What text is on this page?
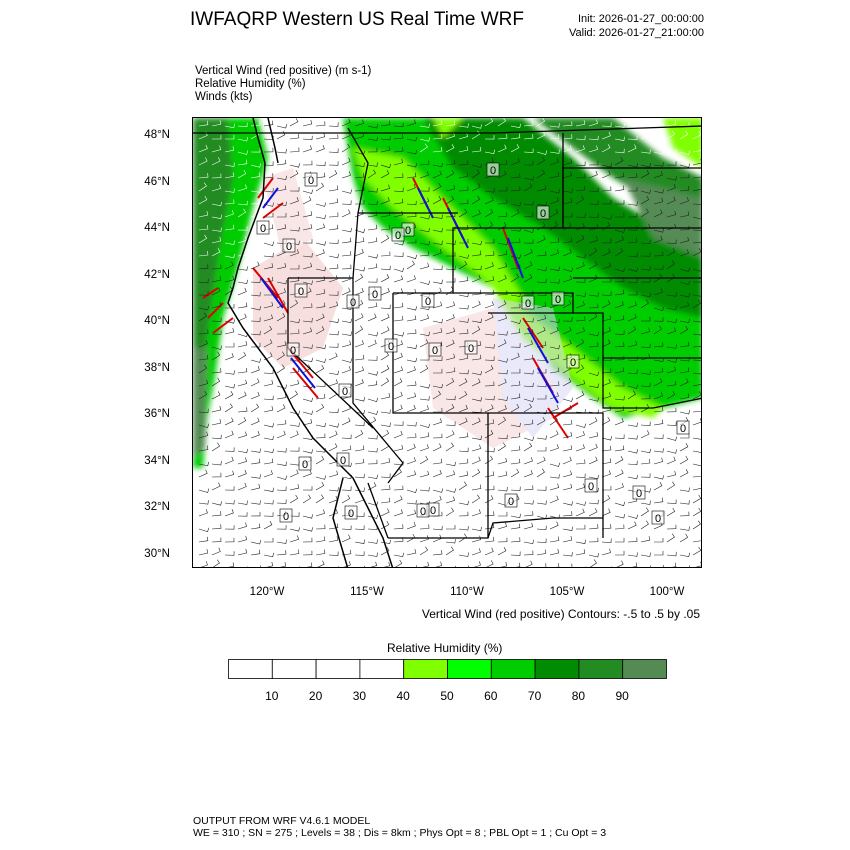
IWFAQRP Western US Real Time WRF	Init: 2026-01-27_00:00:00
Valid: 2026-01-27_21:00:00
Vertical Wind (red positive) (m s-1)
Relative Humidity (%)
Winds (kts)
0
0
0
0
0
0
0
0
0
0
0
0
0
0
0
0
0
0
0
0
0
0
0
0
0 0
0
0
0
0
48°N
46°N
44°N
42°N
40°N
38°N
36°N
34°N
32°N
30°N
120°W	115°W	110°W	105°W	100°W
Vertical Wind (red positive) Contours: -.5 to .5 by .05
Relative Humidity (%)
10	20	30	40	50	60	70	80	90
OUTPUT FROM WRF V4.6.1 MODEL
WE = 310 ; SN = 275 ; Levels = 38 ; Dis = 8km ; Phys Opt = 8 ; PBL Opt = 1 ; Cu Opt = 3
